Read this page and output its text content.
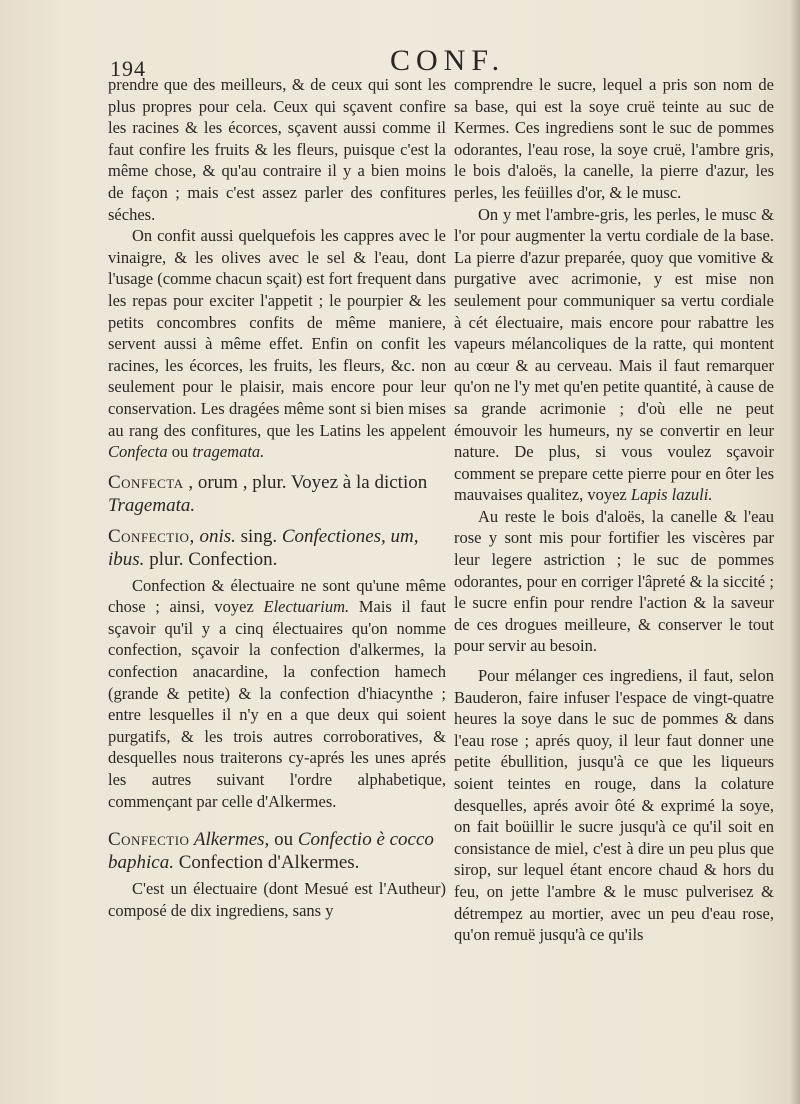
194	CONF.

prendre que des meilleurs, & de ceux qui sont les plus propres pour cela. Ceux qui sçavent confire les racines & les écorces, sçavent aussi comme il faut confire les fruits & les fleurs, puisque c'est la même chose, & qu'au contraire il y a bien moins de façon ; mais c'est assez parler des confitures séches.

On confit aussi quelquefois les cappres avec le vinaigre, & les olives avec le sel & l'eau, dont l'usage (comme chacun sçait) est fort frequent dans les repas pour exciter l'appetit ; le pourpier & les petits concombres confits de même maniere, servent aussi à même effet. Enfin on confit les racines, les écorces, les fruits, les fleurs, &c. non seulement pour le plaisir, mais encore pour leur conservation. Les dragées même sont si bien mises au rang des confitures, que les Latins les appelent Confecta ou tragemata.

Confecta , orum , plur. Voyez à la diction Tragemata.

Confectio, onis. sing. Confectiones, um, ibus. plur. Confection.

Confection & électuaire ne sont qu'une même chose ; ainsi, voyez Electuarium. Mais il faut sçavoir qu'il y a cinq électuaires qu'on nomme confection, sçavoir la confection d'alkermes, la confection anacardine, la confection hamech (grande & petite) & la confection d'hiacynthe ; entre lesquelles il n'y en a que deux qui soient purgatifs, & les trois autres corroboratives, & desquelles nous traiterons cy-aprés les unes aprés les autres suivant l'ordre alphabetique, commençant par celle d'Alkermes.

Confectio Alkermes, ou Confectio è cocco baphica. Confection d'Alkermes.

C'est un électuaire (dont Mesué est l'Autheur) composé de dix ingrediens, sans y

comprendre le sucre, lequel a pris son nom de sa base, qui est la soye cruë teinte au suc de Kermes. Ces ingrediens sont le suc de pommes odorantes, l'eau rose, la soye cruë, l'ambre gris, le bois d'aloës, la canelle, la pierre d'azur, les perles, les feüilles d'or, & le musc.

On y met l'ambre-gris, les perles, le musc & l'or pour augmenter la vertu cordiale de la base. La pierre d'azur preparée, quoy que vomitive & purgative avec acrimonie, y est mise non seulement pour communiquer sa vertu cordiale à cét électuaire, mais encore pour rabattre les vapeurs mélancoliques de la ratte, qui montent au cœur & au cerveau. Mais il faut remarquer qu'on ne l'y met qu'en petite quantité, à cause de sa grande acrimonie ; d'où elle ne peut émouvoir les humeurs, ny se convertir en leur nature. De plus, si vous voulez sçavoir comment se prepare cette pierre pour en ôter les mauvaises qualitez, voyez Lapis lazuli.

Au reste le bois d'aloës, la canelle & l'eau rose y sont mis pour fortifier les viscères par leur legere astriction ; le suc de pommes odorantes, pour en corriger l'âpreté & la siccité ; le sucre enfin pour rendre l'action & la saveur de ces drogues meilleure, & conserver le tout pour servir au besoin.

Pour mélanger ces ingrediens, il faut, selon Bauderon, faire infuser l'espace de vingt-quatre heures la soye dans le suc de pommes & dans l'eau rose ; aprés quoy, il leur faut donner une petite ébullition, jusqu'à ce que les liqueurs soient teintes en rouge, dans la colature desquelles, aprés avoir ôté & exprimé la soye, on fait boüillir le sucre jusqu'à ce qu'il soit en consistance de miel, c'est à dire un peu plus que sirop, sur lequel étant encore chaud & hors du feu, on jette l'ambre & le musc pulverisez & détrempez au mortier, avec un peu d'eau rose, qu'on remuë jusqu'à ce qu'ils
